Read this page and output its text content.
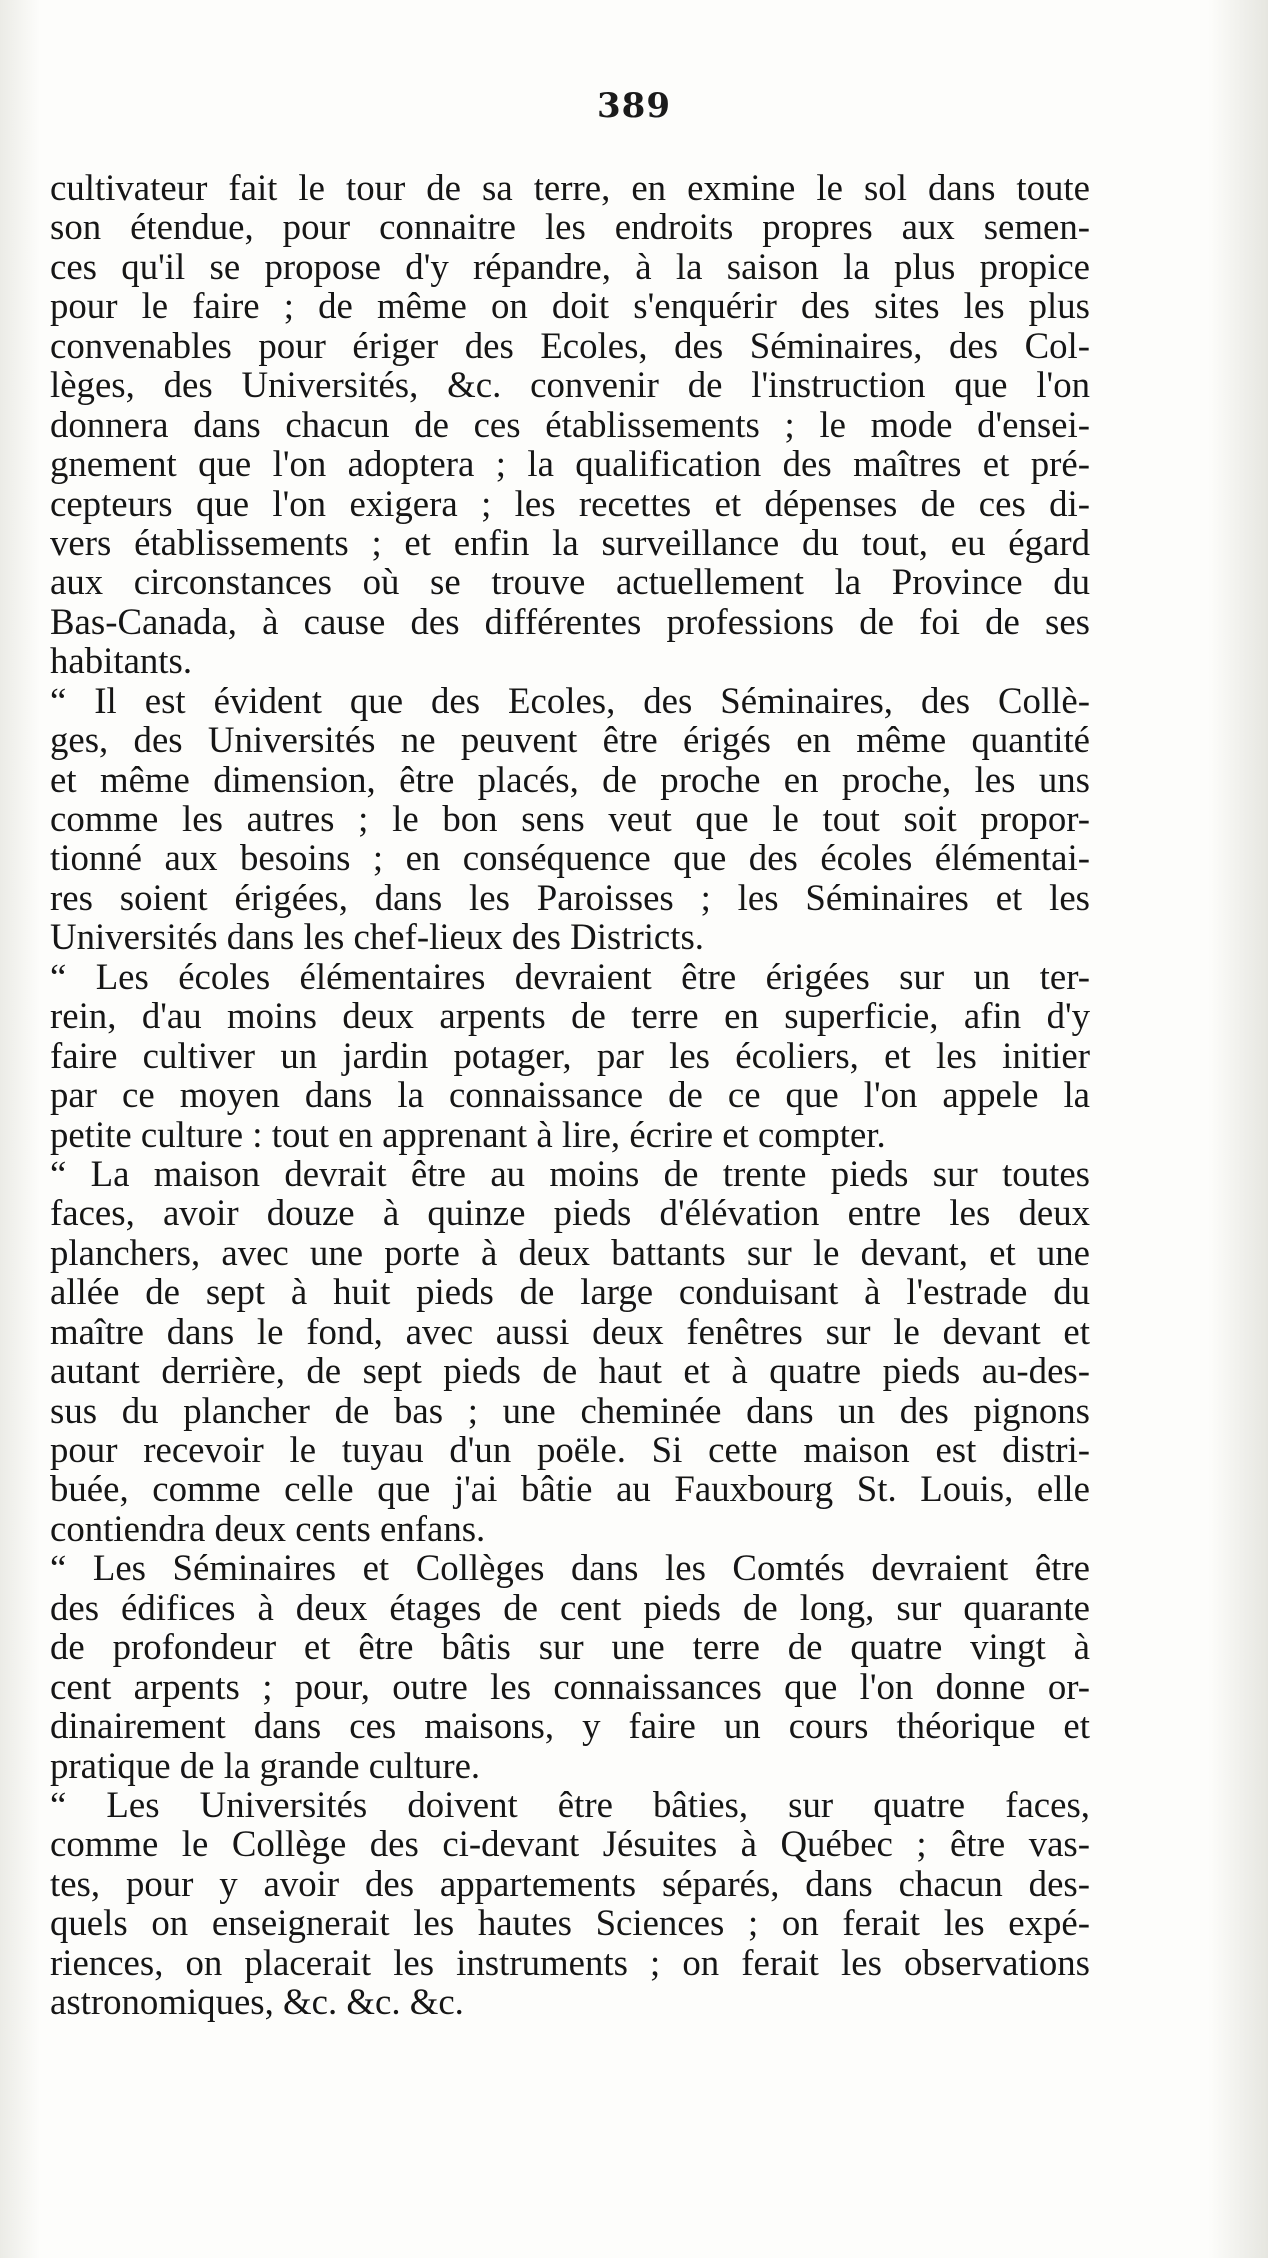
389
cultivateur fait le tour de sa terre, en exmine le sol dans toute
son étendue, pour connaitre les endroits propres aux semen-
ces qu'il se propose d'y répandre, à la saison la plus propice
pour le faire ; de même on doit s'enquérir des sites les plus
convenables pour ériger des Ecoles, des Séminaires, des Col-
lèges, des Universités, &c. convenir de l'instruction que l'on
donnera dans chacun de ces établissements ; le mode d'ensei-
gnement que l'on adoptera ; la qualification des maîtres et pré-
cepteurs que l'on exigera ; les recettes et dépenses de ces di-
vers établissements ; et enfin la surveillance du tout, eu égard
aux circonstances où se trouve actuellement la Province du
Bas-Canada, à cause des différentes professions de foi de ses
habitants.
“ Il est évident que des Ecoles, des Séminaires, des Collè-
ges, des Universités ne peuvent être érigés en même quantité
et même dimension, être placés, de proche en proche, les uns
comme les autres ; le bon sens veut que le tout soit propor-
tionné aux besoins ; en conséquence que des écoles élémentai-
res soient érigées, dans les Paroisses ; les Séminaires et les
Universités dans les chef-lieux des Districts.
“ Les écoles élémentaires devraient être érigées sur un ter-
rein, d'au moins deux arpents de terre en superficie, afin d'y
faire cultiver un jardin potager, par les écoliers, et les initier
par ce moyen dans la connaissance de ce que l'on appele la
petite culture : tout en apprenant à lire, écrire et compter.
“ La maison devrait être au moins de trente pieds sur toutes
faces, avoir douze à quinze pieds d'élévation entre les deux
planchers, avec une porte à deux battants sur le devant, et une
allée de sept à huit pieds de large conduisant à l'estrade du
maître dans le fond, avec aussi deux fenêtres sur le devant et
autant derrière, de sept pieds de haut et à quatre pieds au-des-
sus du plancher de bas ; une cheminée dans un des pignons
pour recevoir le tuyau d'un poële. Si cette maison est distri-
buée, comme celle que j'ai bâtie au Fauxbourg St. Louis, elle
contiendra deux cents enfans.
“ Les Séminaires et Collèges dans les Comtés devraient être
des édifices à deux étages de cent pieds de long, sur quarante
de profondeur et être bâtis sur une terre de quatre vingt à
cent arpents ; pour, outre les connaissances que l'on donne or-
dinairement dans ces maisons, y faire un cours théorique et
pratique de la grande culture.
“ Les Universités doivent être bâties, sur quatre faces,
comme le Collège des ci-devant Jésuites à Québec ; être vas-
tes, pour y avoir des appartements séparés, dans chacun des-
quels on enseignerait les hautes Sciences ; on ferait les expé-
riences, on placerait les instruments ; on ferait les observations
astronomiques, &c. &c. &c.
